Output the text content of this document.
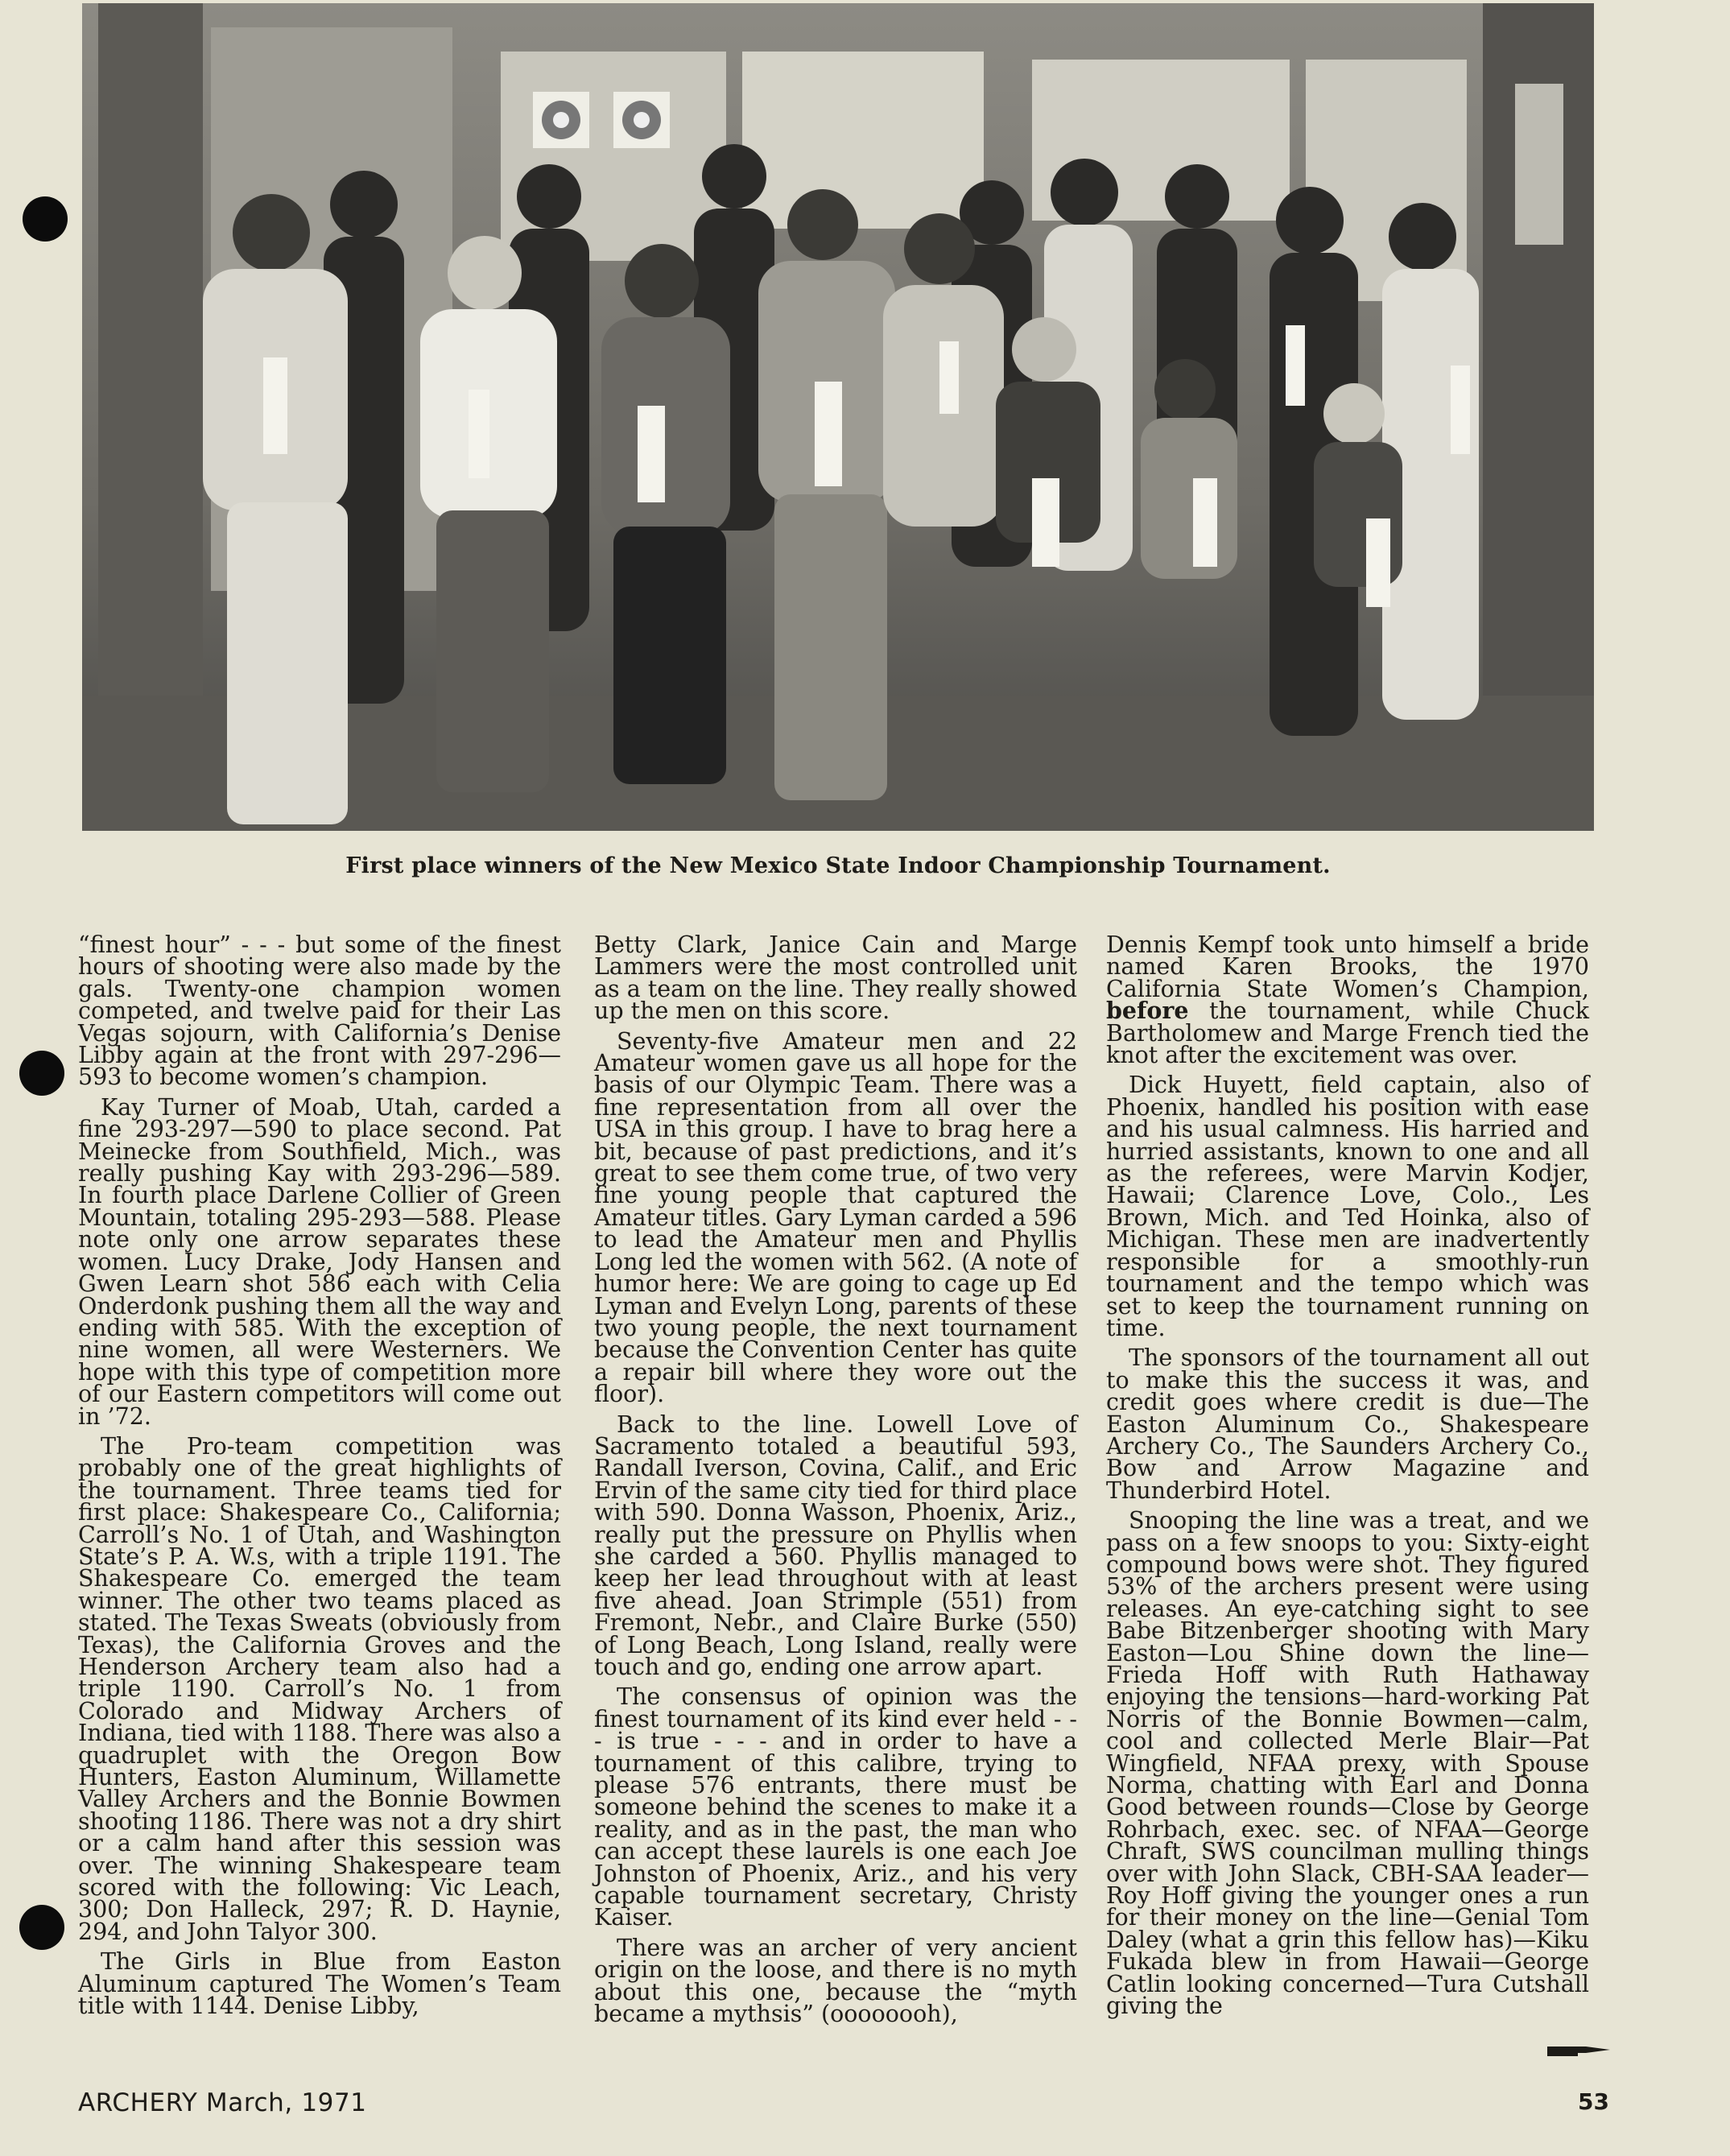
First place winners of the New Mexico State Indoor Championship Tournament.

“finest hour” - - - but some of the finest hours of shooting were also made by the gals. Twenty-one champion women competed, and twelve paid for their Las Vegas sojourn, with California’s Denise Libby again at the front with 297-296—593 to become women’s champion.

Kay Turner of Moab, Utah, carded a fine 293-297—590 to place second. Pat Meinecke from Southfield, Mich., was really pushing Kay with 293-296—589. In fourth place Darlene Collier of Green Mountain, totaling 295-293—588. Please note only one arrow separates these women. Lucy Drake, Jody Hansen and Gwen Learn shot 586 each with Celia Onderdonk pushing them all the way and ending with 585. With the exception of nine women, all were Westerners. We hope with this type of competition more of our Eastern competitors will come out in ’72.

The Pro-team competition was probably one of the great highlights of the tournament. Three teams tied for first place: Shakespeare Co., California; Carroll’s No. 1 of Utah, and Washington State’s P. A. W.s, with a triple 1191. The Shakespeare Co. emerged the team winner. The other two teams placed as stated. The Texas Sweats (obviously from Texas), the California Groves and the Henderson Archery team also had a triple 1190. Carroll’s No. 1 from Colorado and Midway Archers of Indiana, tied with 1188. There was also a quadruplet with the Oregon Bow Hunters, Easton Aluminum, Willamette Valley Archers and the Bonnie Bowmen shooting 1186. There was not a dry shirt or a calm hand after this session was over. The winning Shakespeare team scored with the following: Vic Leach, 300; Don Halleck, 297; R. D. Haynie, 294, and John Talyor 300.

The Girls in Blue from Easton Aluminum captured The Women’s Team title with 1144. Denise Libby,

Betty Clark, Janice Cain and Marge Lammers were the most controlled unit as a team on the line. They really showed up the men on this score.

Seventy-five Amateur men and 22 Amateur women gave us all hope for the basis of our Olympic Team. There was a fine representation from all over the USA in this group. I have to brag here a bit, because of past predictions, and it’s great to see them come true, of two very fine young people that captured the Amateur titles. Gary Lyman carded a 596 to lead the Amateur men and Phyllis Long led the women with 562. (A note of humor here: We are going to cage up Ed Lyman and Evelyn Long, parents of these two young people, the next tournament because the Convention Center has quite a repair bill where they wore out the floor).

Back to the line. Lowell Love of Sacramento totaled a beautiful 593, Randall Iverson, Covina, Calif., and Eric Ervin of the same city tied for third place with 590. Donna Wasson, Phoenix, Ariz., really put the pressure on Phyllis when she carded a 560. Phyllis managed to keep her lead throughout with at least five ahead. Joan Strimple (551) from Fremont, Nebr., and Claire Burke (550) of Long Beach, Long Island, really were touch and go, ending one arrow apart.

The consensus of opinion was the finest tournament of its kind ever held - - - is true - - - and in order to have a tournament of this calibre, trying to please 576 entrants, there must be someone behind the scenes to make it a reality, and as in the past, the man who can accept these laurels is one each Joe Johnston of Phoenix, Ariz., and his very capable tournament secretary, Christy Kaiser.

There was an archer of very ancient origin on the loose, and there is no myth about this one, because the “myth became a mythsis” (oooooooh),

Dennis Kempf took unto himself a bride named Karen Brooks, the 1970 California State Women’s Champion, before the tournament, while Chuck Bartholomew and Marge French tied the knot after the excitement was over.

Dick Huyett, field captain, also of Phoenix, handled his position with ease and his usual calmness. His harried and hurried assistants, known to one and all as the referees, were Marvin Kodjer, Hawaii; Clarence Love, Colo., Les Brown, Mich. and Ted Hoinka, also of Michigan. These men are inadvertently responsible for a smoothly-run tournament and the tempo which was set to keep the tournament running on time.

The sponsors of the tournament all out to make this the success it was, and credit goes where credit is due—The Easton Aluminum Co., Shakespeare Archery Co., The Saunders Archery Co., Bow and Arrow Magazine and Thunderbird Hotel.

Snooping the line was a treat, and we pass on a few snoops to you: Sixty-eight compound bows were shot. They figured 53% of the archers present were using releases. An eye-catching sight to see Babe Bitzenberger shooting with Mary Easton—Lou Shine down the line—Frieda Hoff with Ruth Hathaway enjoying the tensions—hard-working Pat Norris of the Bonnie Bowmen—calm, cool and collected Merle Blair—Pat Wingfield, NFAA prexy, with Spouse Norma, chatting with Earl and Donna Good between rounds—Close by George Rohrbach, exec. sec. of NFAA—George Chraft, SWS councilman mulling things over with John Slack, CBH-SAA leader—Roy Hoff giving the younger ones a run for their money on the line—Genial Tom Daley (what a grin this fellow has)—Kiku Fukada blew in from Hawaii—George Catlin looking concerned—Tura Cutshall giving the

ARCHERY March, 1971	53
